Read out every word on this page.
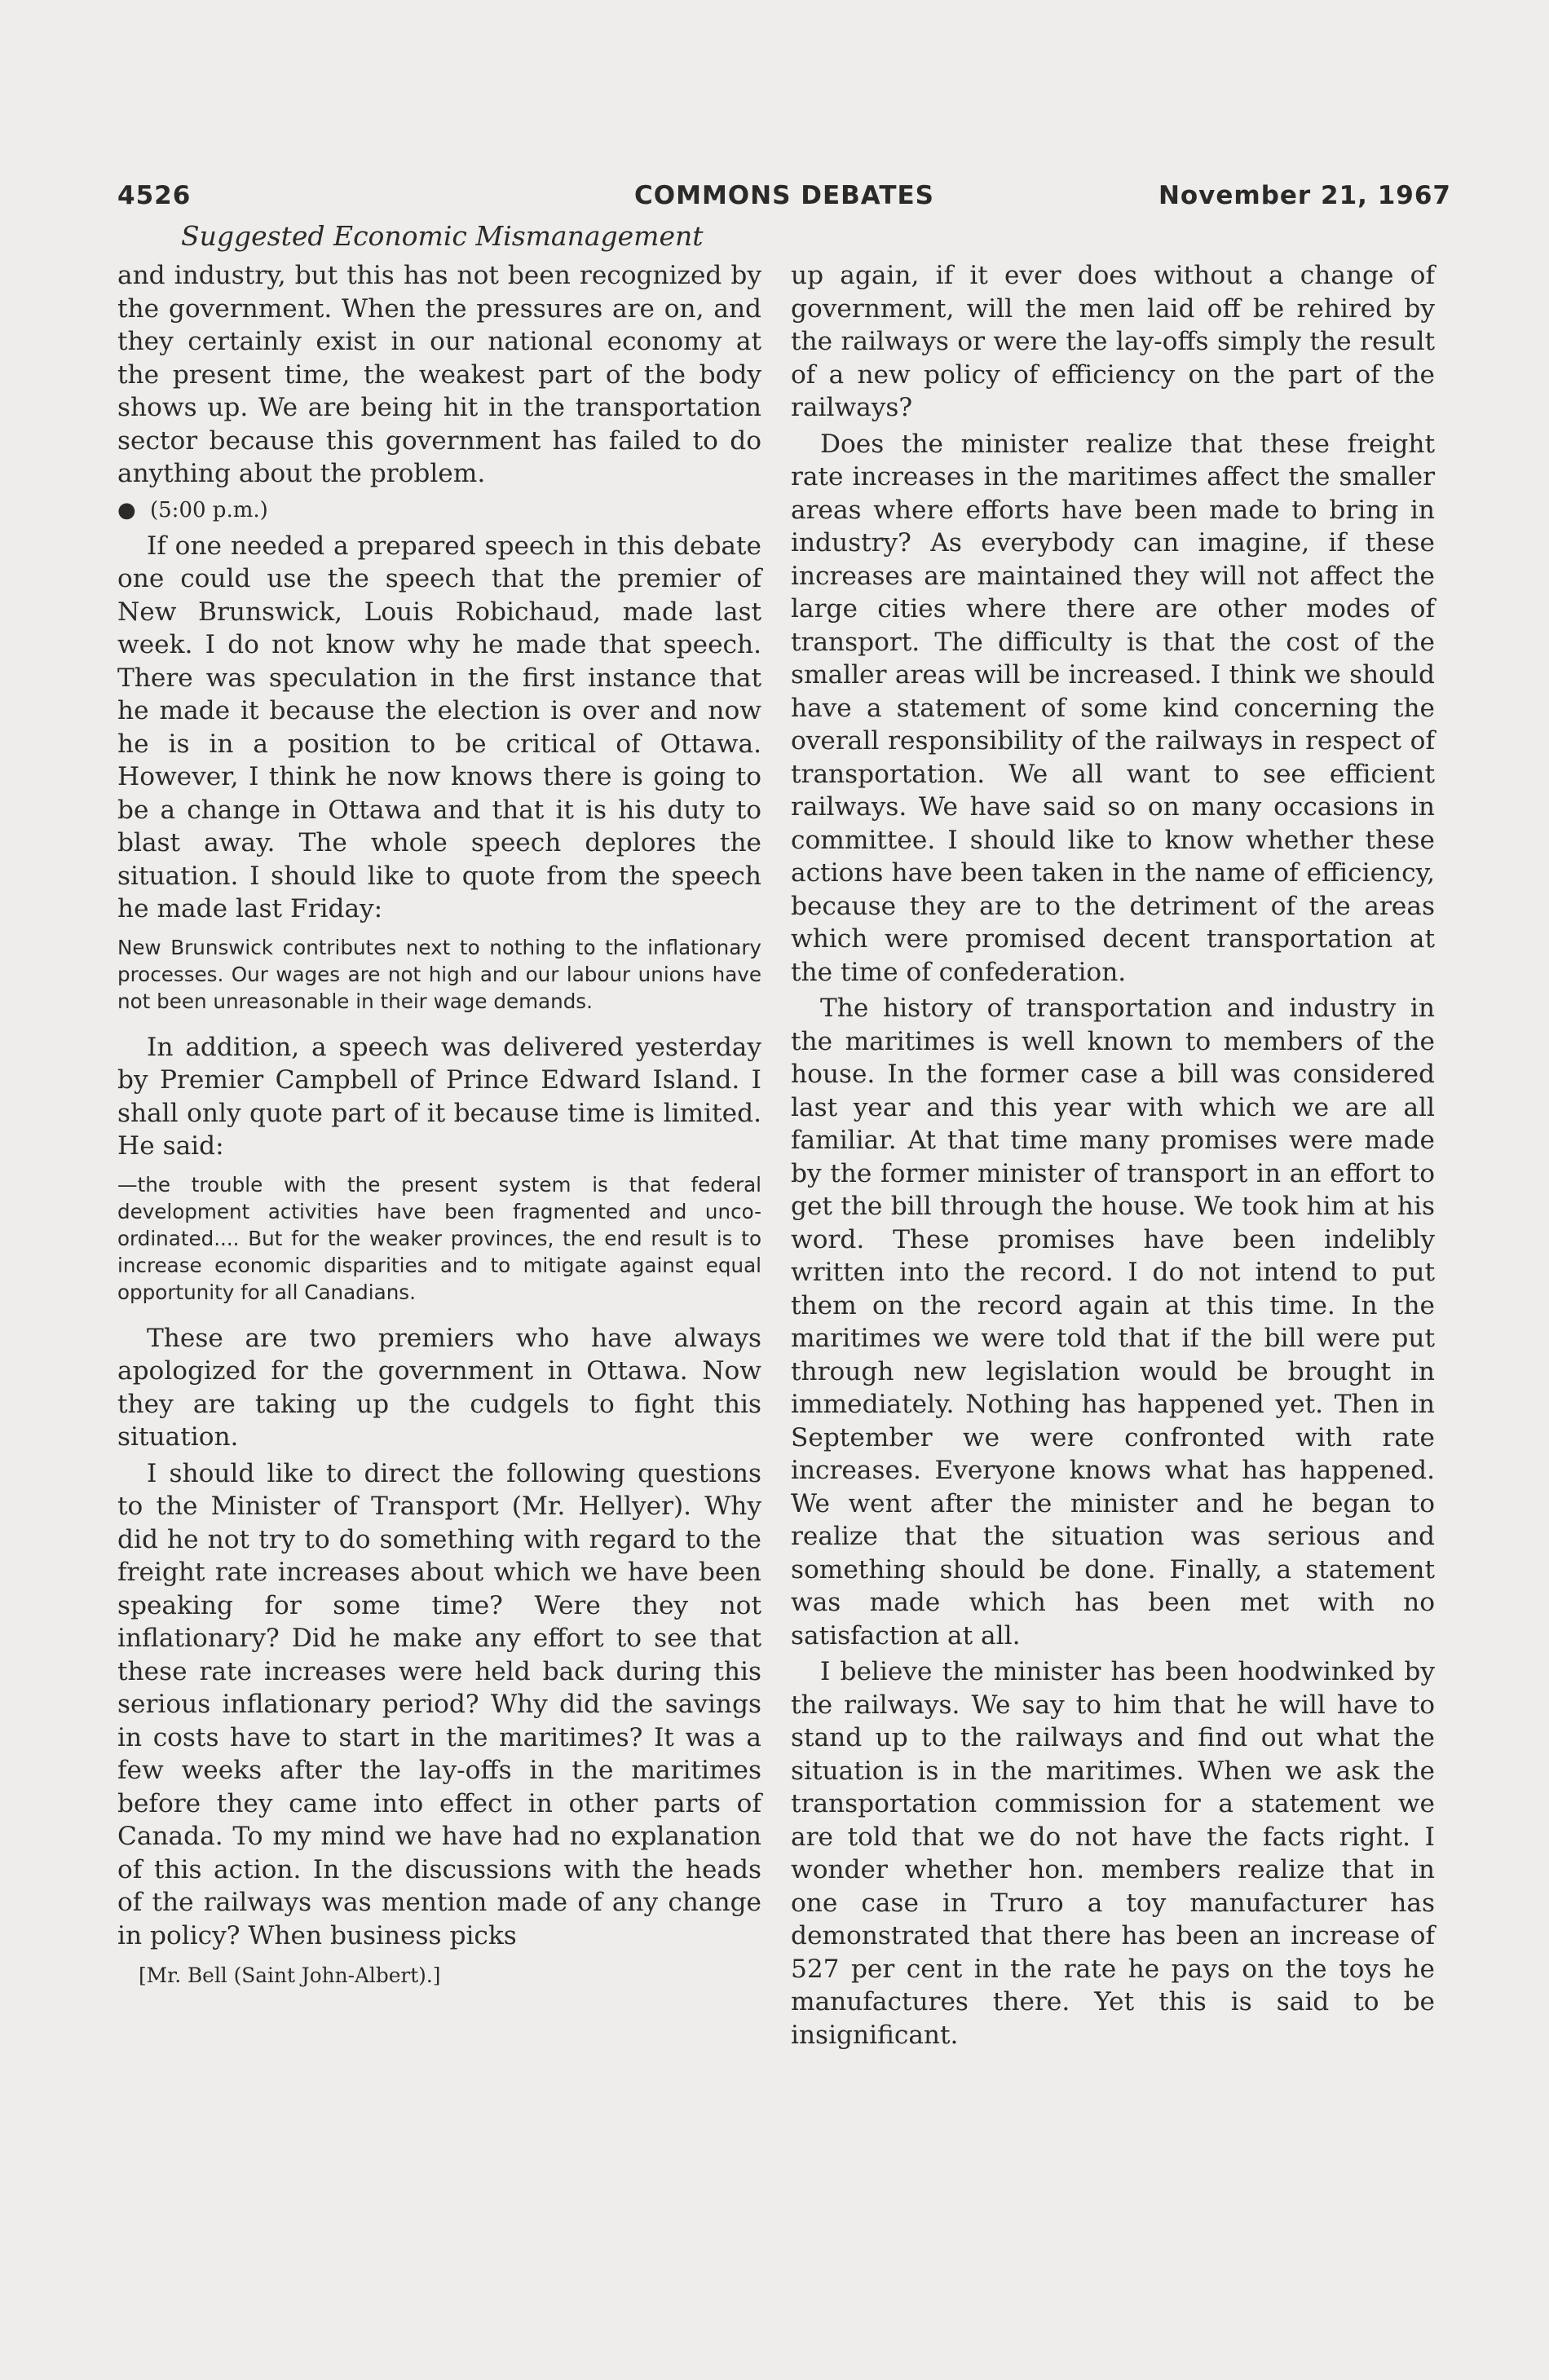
4526	COMMONS DEBATES	November 21, 1967
Suggested Economic Mismanagement

and industry, but this has not been recognized by the government. When the pressures are on, and they certainly exist in our national economy at the present time, the weakest part of the body shows up. We are being hit in the transportation sector because this government has failed to do anything about the problem.

● (5:00 p.m.)

If one needed a prepared speech in this debate one could use the speech that the premier of New Brunswick, Louis Robichaud, made last week. I do not know why he made that speech. There was speculation in the first instance that he made it because the election is over and now he is in a position to be critical of Ottawa. However, I think he now knows there is going to be a change in Ottawa and that it is his duty to blast away. The whole speech deplores the situation. I should like to quote from the speech he made last Friday:

New Brunswick contributes next to nothing to the inflationary processes. Our wages are not high and our labour unions have not been unreasonable in their wage demands.

In addition, a speech was delivered yesterday by Premier Campbell of Prince Edward Island. I shall only quote part of it because time is limited. He said:

—the trouble with the present system is that federal development activities have been fragmented and unco-ordinated.... But for the weaker provinces, the end result is to increase economic disparities and to mitigate against equal opportunity for all Canadians.

These are two premiers who have always apologized for the government in Ottawa. Now they are taking up the cudgels to fight this situation.

I should like to direct the following questions to the Minister of Transport (Mr. Hellyer). Why did he not try to do something with regard to the freight rate increases about which we have been speaking for some time? Were they not inflationary? Did he make any effort to see that these rate increases were held back during this serious inflationary period? Why did the savings in costs have to start in the maritimes? It was a few weeks after the lay-offs in the maritimes before they came into effect in other parts of Canada. To my mind we have had no explanation of this action. In the discussions with the heads of the railways was mention made of any change in policy? When business picks

[Mr. Bell (Saint John-Albert).]

up again, if it ever does without a change of government, will the men laid off be rehired by the railways or were the lay-offs simply the result of a new policy of efficiency on the part of the railways?

Does the minister realize that these freight rate increases in the maritimes affect the smaller areas where efforts have been made to bring in industry? As everybody can imagine, if these increases are maintained they will not affect the large cities where there are other modes of transport. The difficulty is that the cost of the smaller areas will be increased. I think we should have a statement of some kind concerning the overall responsibility of the railways in respect of transportation. We all want to see efficient railways. We have said so on many occasions in committee. I should like to know whether these actions have been taken in the name of efficiency, because they are to the detriment of the areas which were promised decent transportation at the time of confederation.

The history of transportation and industry in the maritimes is well known to members of the house. In the former case a bill was considered last year and this year with which we are all familiar. At that time many promises were made by the former minister of transport in an effort to get the bill through the house. We took him at his word. These promises have been indelibly written into the record. I do not intend to put them on the record again at this time. In the maritimes we were told that if the bill were put through new legislation would be brought in immediately. Nothing has happened yet. Then in September we were confronted with rate increases. Everyone knows what has happened. We went after the minister and he began to realize that the situation was serious and something should be done. Finally, a statement was made which has been met with no satisfaction at all.

I believe the minister has been hoodwinked by the railways. We say to him that he will have to stand up to the railways and find out what the situation is in the maritimes. When we ask the transportation commission for a statement we are told that we do not have the facts right. I wonder whether hon. members realize that in one case in Truro a toy manufacturer has demonstrated that there has been an increase of 527 per cent in the rate he pays on the toys he manufactures there. Yet this is said to be insignificant.
